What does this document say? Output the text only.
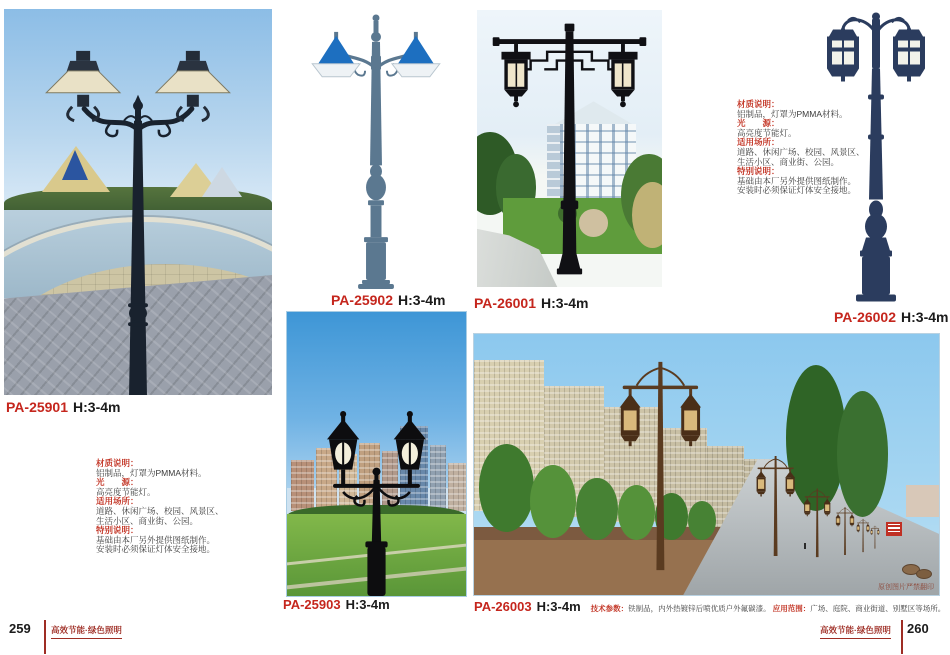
PA-25901 H:3-4m
PA-25902 H:3-4m PA-26001 H:3-4m
材质说明：
铝制品，灯罩为PMMA材料。
光　　源：
高亮度节能灯。
适用场所：
道路、休闲广场、校园、风景区、
生活小区、商业街、公园。
特别说明：
基础由本厂另外提供图纸制作。
安装时必须保证灯体安全接地。
PA-26002 H:3-4m
材质说明：
铝制品，灯罩为PMMA材料。
光　　源：
高亮度节能灯。
适用场所：
道路、休闲广场、校园、风景区、
生活小区、商业街、公园。
特别说明：
基础由本厂另外提供图纸制作。
安装时必须保证灯体安全接地。
PA-25903 H:3-4m
原创图片严禁翻印
PA-26003 H:3-4m 技术参数：铁制品，内外热镀锌后喷优质户外氟碳漆。 应用范围：广场、庭院、商业街道、别墅区等场所。
259 高效节能·绿色照明	高效节能·绿色照明 260
